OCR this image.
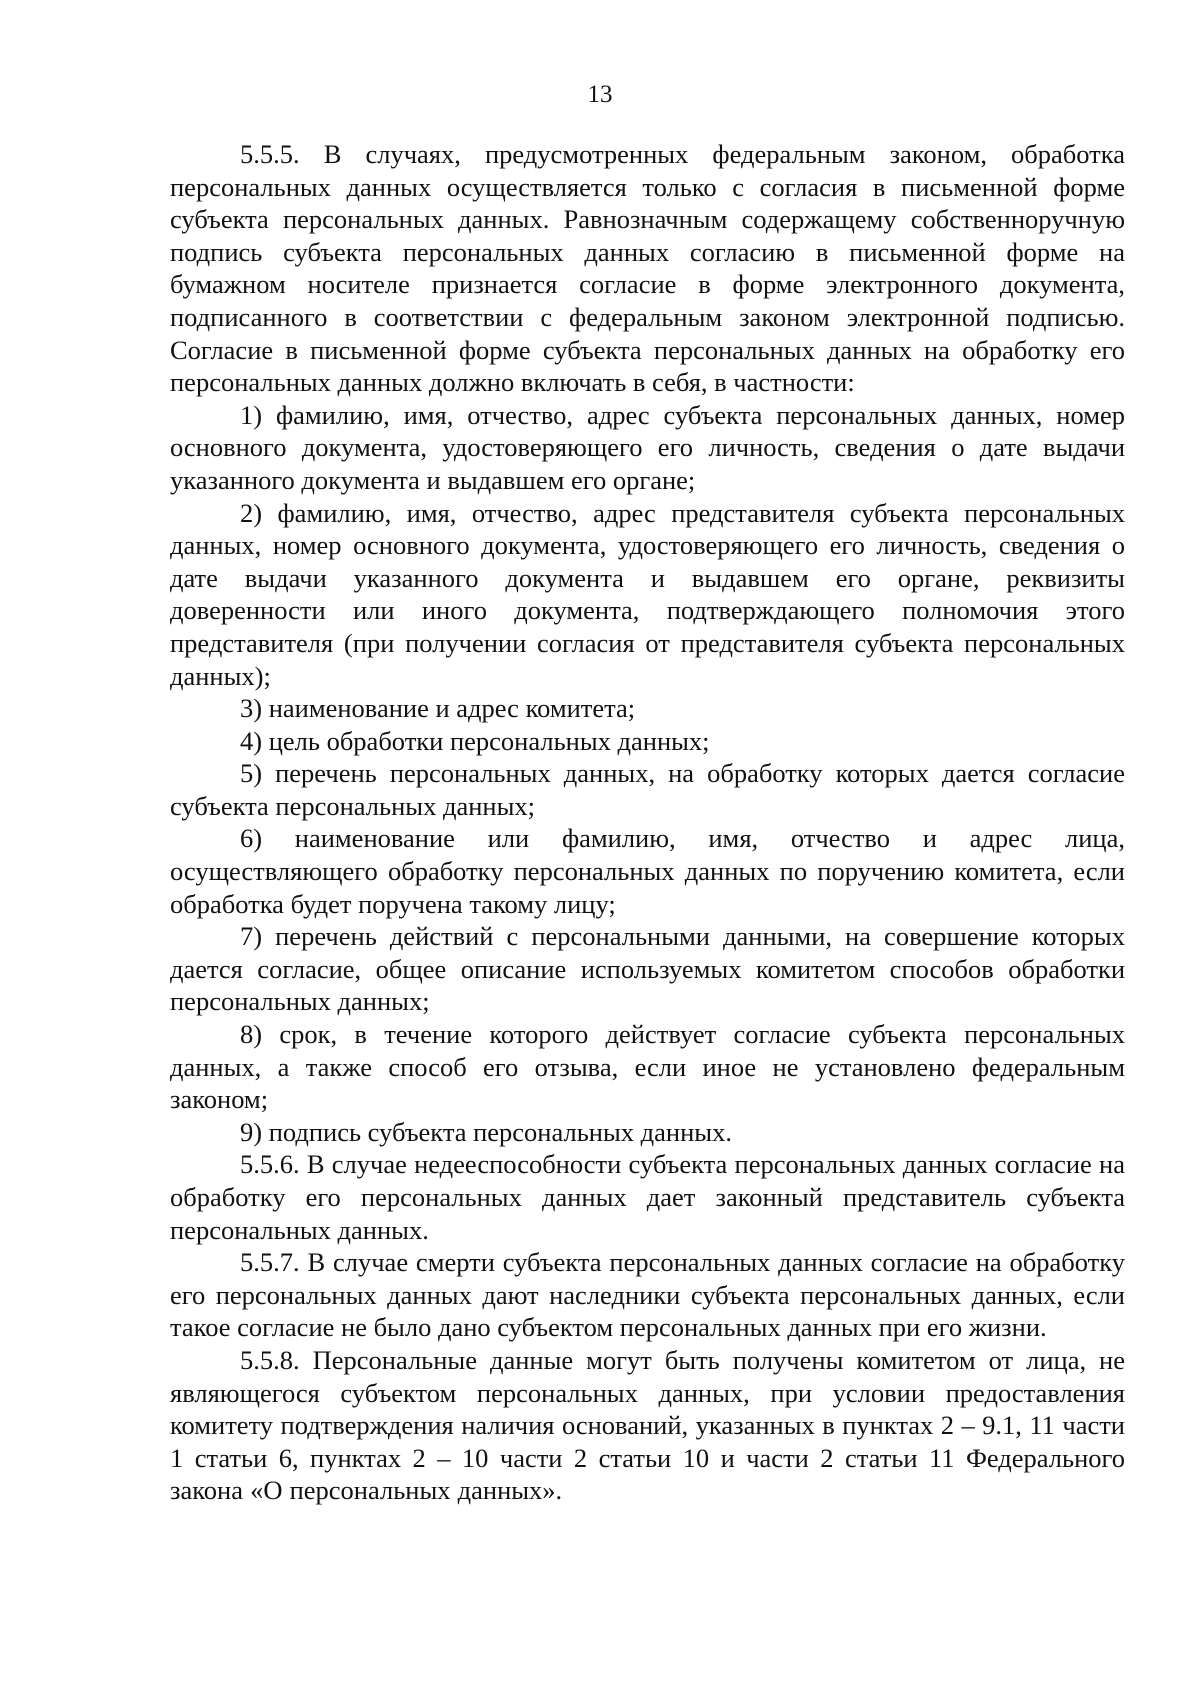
13

5.5.5. В случаях, предусмотренных федеральным законом, обработка персональных данных осуществляется только с согласия в письменной форме субъекта персональных данных. Равнозначным содержащему собственноручную подпись субъекта персональных данных согласию в письменной форме на бумажном носителе признается согласие в форме электронного документа, подписанного в соответствии с федеральным законом электронной подписью. Согласие в письменной форме субъекта персональных данных на обработку его персональных данных должно включать в себя, в частности:

1) фамилию, имя, отчество, адрес субъекта персональных данных, номер основного документа, удостоверяющего его личность, сведения о дате выдачи указанного документа и выдавшем его органе;

2) фамилию, имя, отчество, адрес представителя субъекта персональных данных, номер основного документа, удостоверяющего его личность, сведения о дате выдачи указанного документа и выдавшем его органе, реквизиты доверенности или иного документа, подтверждающего полномочия этого представителя (при получении согласия от представителя субъекта персональных данных);

3) наименование и адрес комитета;

4) цель обработки персональных данных;

5) перечень персональных данных, на обработку которых дается согласие субъекта персональных данных;

6) наименование или фамилию, имя, отчество и адрес лица, осуществляющего обработку персональных данных по поручению комитета, если обработка будет поручена такому лицу;

7) перечень действий с персональными данными, на совершение которых дается согласие, общее описание используемых комитетом способов обработки персональных данных;

8) срок, в течение которого действует согласие субъекта персональных данных, а также способ его отзыва, если иное не установлено федеральным законом;

9) подпись субъекта персональных данных.

5.5.6. В случае недееспособности субъекта персональных данных согласие на обработку его персональных данных дает законный представитель субъекта персональных данных.

5.5.7. В случае смерти субъекта персональных данных согласие на обработку его персональных данных дают наследники субъекта персональных данных, если такое согласие не было дано субъектом персональных данных при его жизни.

5.5.8. Персональные данные могут быть получены комитетом от лица, не являющегося субъектом персональных данных, при условии предоставления комитету подтверждения наличия оснований, указанных в пунктах 2 – 9.1, 11 части 1 статьи 6, пунктах 2 – 10 части 2 статьи 10 и части 2 статьи 11 Федерального закона «О персональных данных».
